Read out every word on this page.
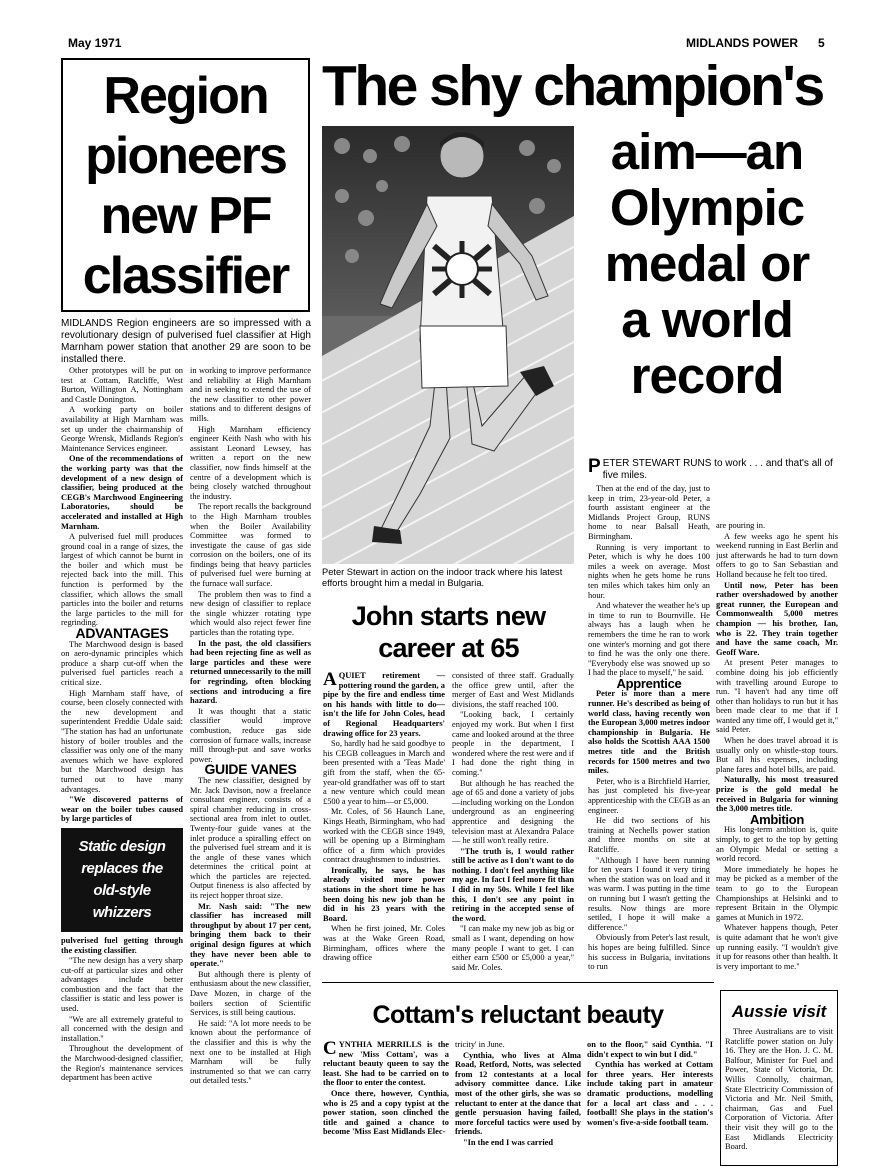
May 1971	MIDLANDS POWER 5
Region
pioneers
new PF
classifier
MIDLANDS Region engineers are so impressed with a revolutionary design of pulverised fuel classifier at High Marnham power station that another 29 are soon to be installed there.

Other prototypes will be put on test at Cottam, Ratcliffe, West Burton, Willington A, Nottingham and Castle Donington.

A working party on boiler availability at High Marnham was set up under the chairmanship of George Wrensk, Midlands Region's Maintenance Services engineer.

One of the recommendations of the working party was that the development of a new design of classifier, being produced at the CEGB's Marchwood Engineering Laboratories, should be accelerated and installed at High Marnham.

A pulverised fuel mill produces ground coal in a range of sizes, the largest of which cannot be burnt in the boiler and which must be rejected back into the mill. This function is performed by the classifier, which allows the small particles into the boiler and returns the large particles to the mill for regrinding.

ADVANTAGES

The Marchwood design is based on aero-dynamic principles which produce a sharp cut-off when the pulverised fuel particles reach a critical size.

High Marnham staff have, of course, been closely connected with the new development and superintendent Freddie Udale said: "The station has had an unfortunate history of boiler troubles and the classifier was only one of the many avenues which we have explored but the Marchwood design has turned out to have many advantages.

"We discovered patterns of wear on the boiler tubes caused by large particles of

Static design
replaces the
old-style
whizzers

pulverised fuel getting through the existing classifier.

"The new design has a very sharp cut-off at particular sizes and other advantages include better combustion and the fact that the classifier is static and less power is used.

"We are all extremely grateful to all concerned with the design and installation."

Throughout the development of the Marchwood-designed classifier, the Region's maintenance services department has been active

in working to improve performance and reliability at High Marnham and in seeking to extend the use of the new classifier to other power stations and to different designs of mills.

High Marnham efficiency engineer Keith Nash who with his assistant Leonard Lewsey, has written a report on the new classifier, now finds himself at the centre of a development which is being closely watched throughout the industry.

The report recalls the background to the High Marnham troubles when the Boiler Availability Committee was formed to investigate the cause of gas side corrosion on the boilers, one of its findings being that heavy particles of pulverised fuel were burning at the furnace wall surface.

The problem then was to find a new design of classifier to replace the single whizzer rotating type which would also reject fewer fine particles than the rotating type.

In the past, the old classifiers had been rejecting fine as well as large particles and these were returned unnecessarily to the mill for regrinding, often blocking sections and introducing a fire hazard.

It was thought that a static classifier would improve combustion, reduce gas side corrosion of furnace walls, increase mill through-put and save works power.

GUIDE VANES

The new classifier, designed by Mr. Jack Davison, now a freelance consultant engineer, consists of a spiral chamber reducing in cross-sectional area from inlet to outlet. Twenty-four guide vanes at the inlet produce a spiralling effect on the pulverised fuel stream and it is the angle of these vanes which determines the critical point at which the particles are rejected. Output fineness is also affected by its reject hopper throat size.

Mr. Nash said: "The new classifier has increased mill throughput by about 17 per cent, bringing them back to their original design figures at which they have never been able to operate."

But although there is plenty of enthusiasm about the new classifier, Dave Mozen, in charge of the boilers section of Scientific Services, is still being cautious.

He said: "A lot more needs to be known about the performance of the classifier and this is why the next one to be installed at High Marnham will be fully instrumented so that we can carry out detailed tests."

The shy champion's
aim—an
Olympic
medal or
a world
record
Peter Stewart in action on the indoor track where his latest efforts brought him a medal in Bulgaria.
PETER STEWART RUNS to work . . . and that's all of five miles.

Then at the end of the day, just to keep in trim, 23-year-old Peter, a fourth assistant engineer at the Midlands Project Group, RUNS home to near Balsall Heath, Birmingham.

Running is very important to Peter, which is why he does 100 miles a week on average. Most nights when he gets home he runs ten miles which takes him only an hour.

And whatever the weather he's up in time to run to Bournville. He always has a laugh when he remembers the time he ran to work one winter's morning and got there to find he was the only one there. "Everybody else was snowed up so I had the place to myself," he said.

Apprentice

Peter is more than a mere runner. He's described as being of world class, having recently won the European 3,000 metres indoor championship in Bulgaria. He also holds the Scottish AAA 1500 metres title and the British records for 1500 metres and two miles.

Peter, who is a Birchfield Harrier, has just completed his five-year apprenticeship with the CEGB as an engineer.

He did two sections of his training at Nechells power station and three months on site at Ratcliffe.

"Although I have been running for ten years I found it very tiring when the station was on load and it was warm. I was putting in the time on running but I wasn't getting the results. Now things are more settled, I hope it will make a difference."

Obviously from Peter's last result, his hopes are being fulfilled. Since his success in Bulgaria, invitations to run

are pouring in.

A few weeks ago he spent his weekend running in East Berlin and just afterwards he had to turn down offers to go to San Sebastian and Holland because he felt too tired.

Until now, Peter has been rather overshadowed by another great runner, the European and Commonwealth 5,000 metres champion — his brother, Ian, who is 22. They train together and have the same coach, Mr. Geoff Ware.

At present Peter manages to combine doing his job efficiently with travelling around Europe to run. "I haven't had any time off other than holidays to run but it has been made clear to me that if I wanted any time off, I would get it," said Peter.

When he does travel abroad it is usually only on whistle-stop tours. But all his expenses, including plane fares and hotel bills, are paid.

Naturally, his most treasured prize is the gold medal he received in Bulgaria for winning the 3,000 metres title.

Ambition

His long-term ambition is, quite simply, to get to the top by getting an Olympic Medal or setting a world record.

More immediately he hopes he may be picked as a member of the team to go to the European Championships at Helsinki and to represent Britain in the Olympic games at Munich in 1972.

Whatever happens though, Peter is quite adamant that he won't give up running easily. "I wouldn't give it up for reasons other than health. It is very important to me."

John starts new
career at 65

AQUIET retirement — pottering round the garden, a pipe by the fire and endless time on his hands with little to do—isn't the life for John Coles, head of Regional Headquarters' drawing office for 23 years.

So, hardly had he said goodbye to his CEGB colleagues in March and been presented with a 'Teas Made' gift from the staff, when the 65-year-old grandfather was off to start a new venture which could mean £500 a year to him—or £5,000.

Mr. Coles, of 56 Haunch Lane, Kings Heath, Birmingham, who had worked with the CEGB since 1949, will be opening up a Birmingham office of a firm which provides contract draughtsmen to industries.

Ironically, he says, he has already visited more power stations in the short time he has been doing his new job than he did in his 23 years with the Board.

When he first joined, Mr. Coles was at the Wake Green Road, Birmingham, offices where the drawing office

consisted of three staff. Gradually the office grew until, after the merger of East and West Midlands divisions, the staff reached 100.

"Looking back, I certainly enjoyed my work. But when I first came and looked around at the three people in the department, I wondered where the rest were and if I had done the right thing in coming."

But although he has reached the age of 65 and done a variety of jobs—including working on the London underground as an engineering apprentice and designing the television mast at Alexandra Palace — he still won't really retire.

"The truth is, I would rather still be active as I don't want to do nothing. I don't feel anything like my age. In fact I feel more fit than I did in my 50s. While I feel like this, I don't see any point in retiring in the accepted sense of the word.

"I can make my new job as big or small as I want, depending on how many people I want to get. I can either earn £500 or £5,000 a year," said Mr. Coles.

Cottam's reluctant beauty

CYNTHIA MERRILLS is the new 'Miss Cottam', was a reluctant beauty queen to say the least. She had to be carried on to the floor to enter the contest.

Once there, however, Cynthia, who is 25 and a copy typist at the power station, soon clinched the title and gained a chance to become 'Miss East Midlands Elec-

tricity' in June.

Cynthia, who lives at Alma Road, Retford, Notts, was selected from 12 contestants at a local advisory committee dance. Like most of the other girls, she was so reluctant to enter at the dance that gentle persuasion having failed, more forceful tactics were used by friends.

"In the end I was carried

on to the floor," said Cynthia. "I didn't expect to win but I did."

Cynthia has worked at Cottam for three years. Her interests include taking part in amateur dramatic productions, modelling for a local art class and . . . football! She plays in the station's women's five-a-side football team.

Aussie visit

Three Australians are to visit Ratcliffe power station on July 16. They are the Hon. J. C. M. Balfour, Minister for Fuel and Power, State of Victoria, Dr. Willis Connolly, chairman, State Electricity Commission of Victoria and Mr. Neil Smith, chairman, Gas and Fuel Corporation of Victoria. After their visit they will go to the East Midlands Electricity Board.
